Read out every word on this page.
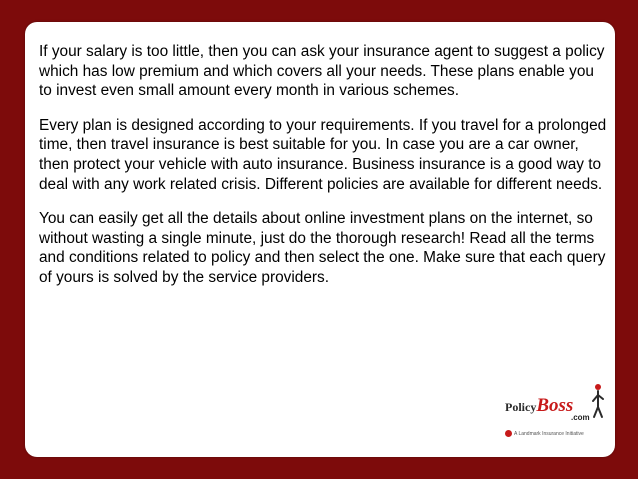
If your salary is too little, then you can ask your insurance agent to suggest a policy which has low premium and which covers all your needs. These plans enable you to invest even small amount every month in various schemes.

Every plan is designed according to your requirements. If you travel for a prolonged time, then travel insurance is best suitable for you. In case you are a car owner, then protect your vehicle with auto insurance. Business insurance is a good way to deal with any work related crisis. Different policies are available for different needs.

You can easily get all the details about online investment plans on the internet, so without wasting a single minute, just do the thorough research! Read all the terms and conditions related to policy and then select the one. Make sure that each query of yours is solved by the service providers.

PolicyBoss
.com
A Landmark Insurance Initiative
